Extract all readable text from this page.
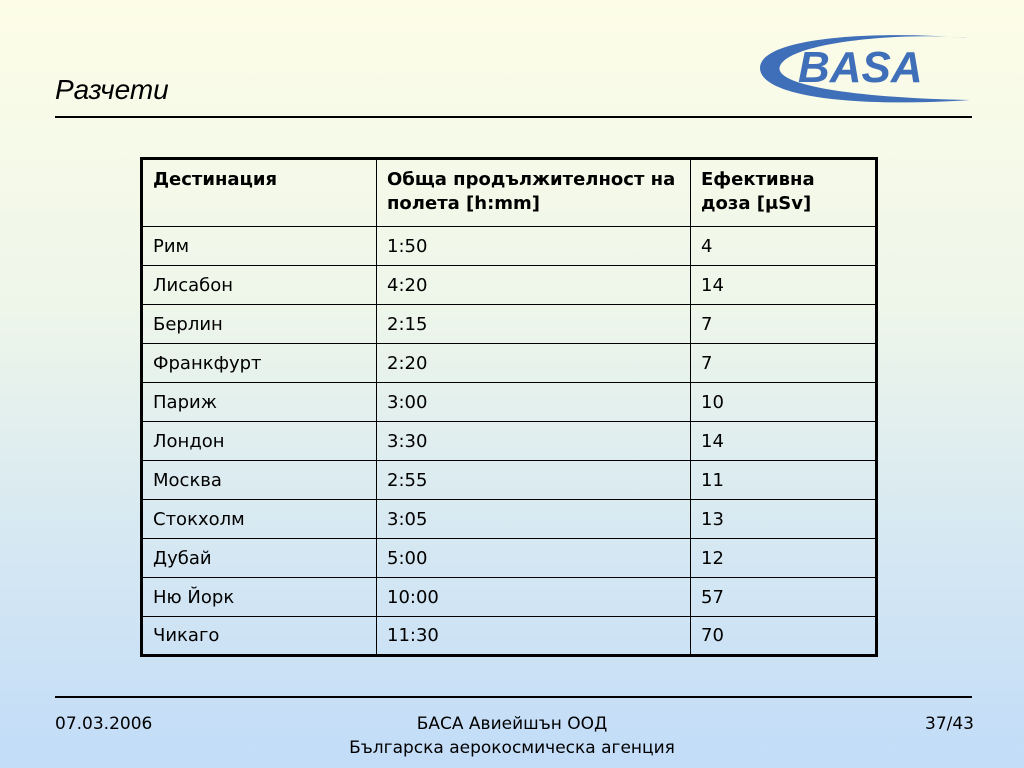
Разчети	BASA
Дестинация	Обща продължителност на полета [h:mm]	Ефективна доза [μSv]
Рим	1:50	4
Лисабон	4:20	14
Берлин	2:15	7
Франкфурт	2:20	7
Париж	3:00	10
Лондон	3:30	14
Москва	2:55	11
Стокхолм	3:05	13
Дубай	5:00	12
Ню Йорк	10:00	57
Чикаго	11:30	70
07.03.2006	БАСА Авиейшън ООД
Българска аерокосмическа агенция
37/43
